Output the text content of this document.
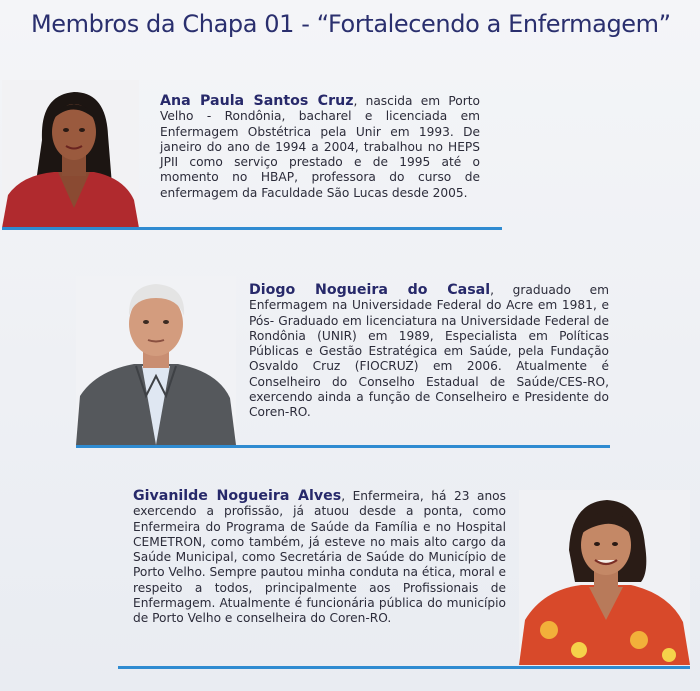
Membros da Chapa 01 - “Fortalecendo a Enfermagem”
Ana Paula Santos Cruz, nascida em Porto Velho - Rondônia, bacharel e licenciada em Enfermagem Obstétrica pela Unir em 1993. De janeiro do ano de 1994 a 2004, trabalhou no HEPS JPII como serviço prestado e de 1995 até o momento no HBAP, professora do curso de enfermagem da Faculdade São Lucas desde 2005.
Diogo Nogueira do Casal, graduado em Enfermagem na Universidade Federal do Acre em 1981, e Pós- Graduado em licenciatura na Universidade Federal de Rondônia (UNIR) em 1989, Especialista em Políticas Públicas e Gestão Estratégica em Saúde, pela Fundação Osvaldo Cruz (FIOCRUZ) em 2006. Atualmente é Conselheiro do Conselho Estadual de Saúde/CES-RO, exercendo ainda a função de Conselheiro e Presidente do Coren-RO.
Givanilde Nogueira Alves, Enfermeira, há 23 anos exercendo a profissão, já atuou desde a ponta, como Enfermeira do Programa de Saúde da Família e no Hospital CEMETRON, como também, já esteve no mais alto cargo da Saúde Municipal, como Secretária de Saúde do Município de Porto Velho. Sempre pautou minha conduta na ética, moral e respeito a todos, principalmente aos Profissionais de Enfermagem. Atualmente é funcionária pública do município de Porto Velho e conselheira do Coren-RO.
